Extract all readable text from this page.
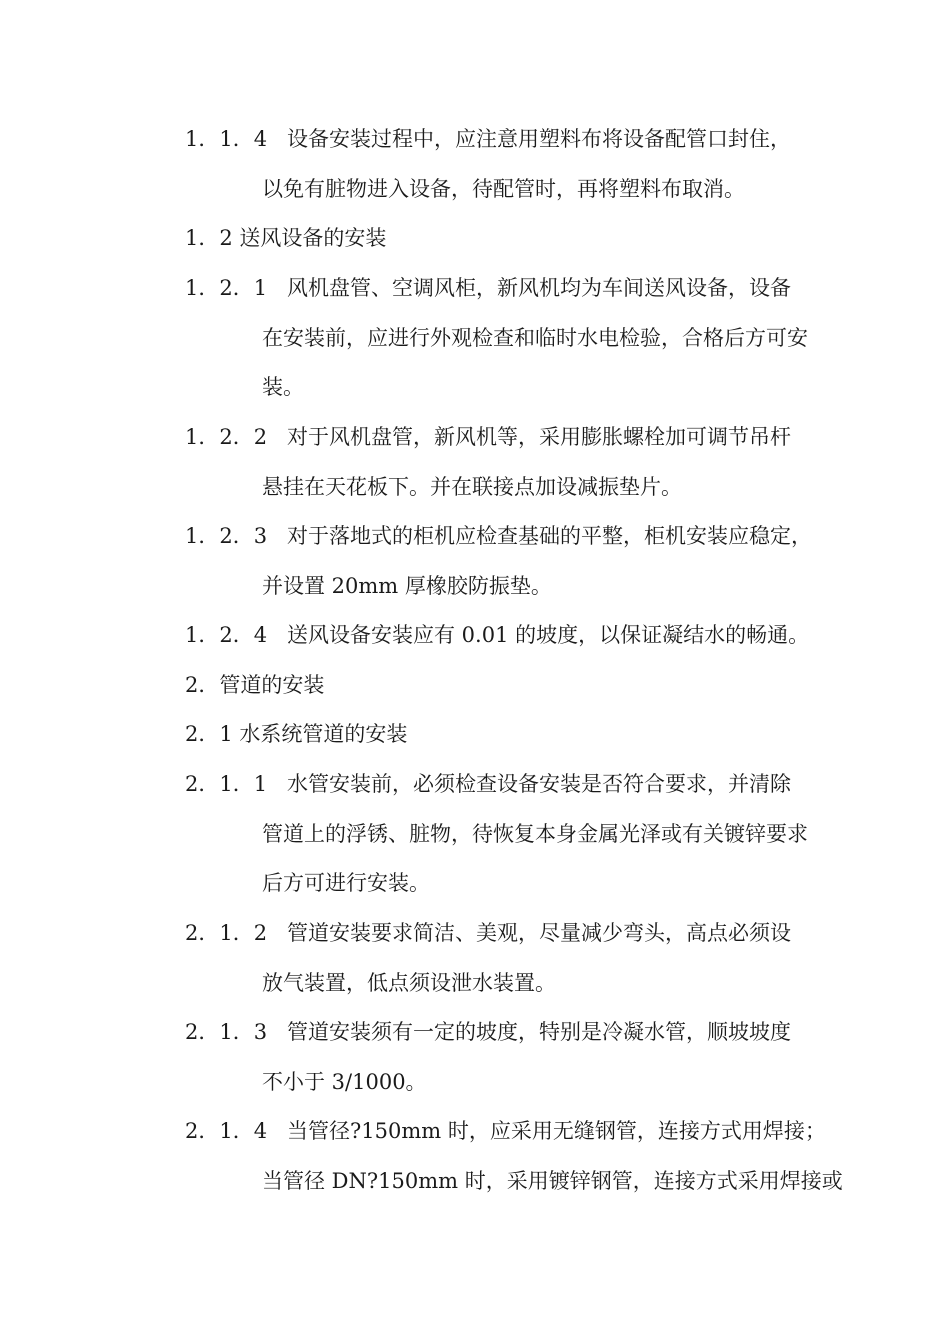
1．1．4 设备安装过程中，应注意用塑料布将设备配管口封住，
以免有脏物进入设备，待配管时，再将塑料布取消。
1．2 送风设备的安装
1．2．1 风机盘管、空调风柜，新风机均为车间送风设备，设备
在安装前，应进行外观检查和临时水电检验，合格后方可安
装。
1．2．2 对于风机盘管，新风机等，采用膨胀螺栓加可调节吊杆
悬挂在天花板下。并在联接点加设减振垫片。
1．2．3 对于落地式的柜机应检查基础的平整，柜机安装应稳定，
并设置 20mm 厚橡胶防振垫。
1．2．4 送风设备安装应有 0.01 的坡度，以保证凝结水的畅通。
2．管道的安装
2．1 水系统管道的安装
2．1．1 水管安装前，必须检查设备安装是否符合要求，并清除
管道上的浮锈、脏物，待恢复本身金属光泽或有关镀锌要求
后方可进行安装。
2．1．2 管道安装要求简洁、美观，尽量减少弯头，高点必须设
放气装置，低点须设泄水装置。
2．1．3 管道安装须有一定的坡度，特别是冷凝水管，顺坡坡度
不小于 3/1000。
2．1．4 当管径?150mm 时，应采用无缝钢管，连接方式用焊接；
当管径 DN?150mm 时，采用镀锌钢管，连接方式采用焊接或
